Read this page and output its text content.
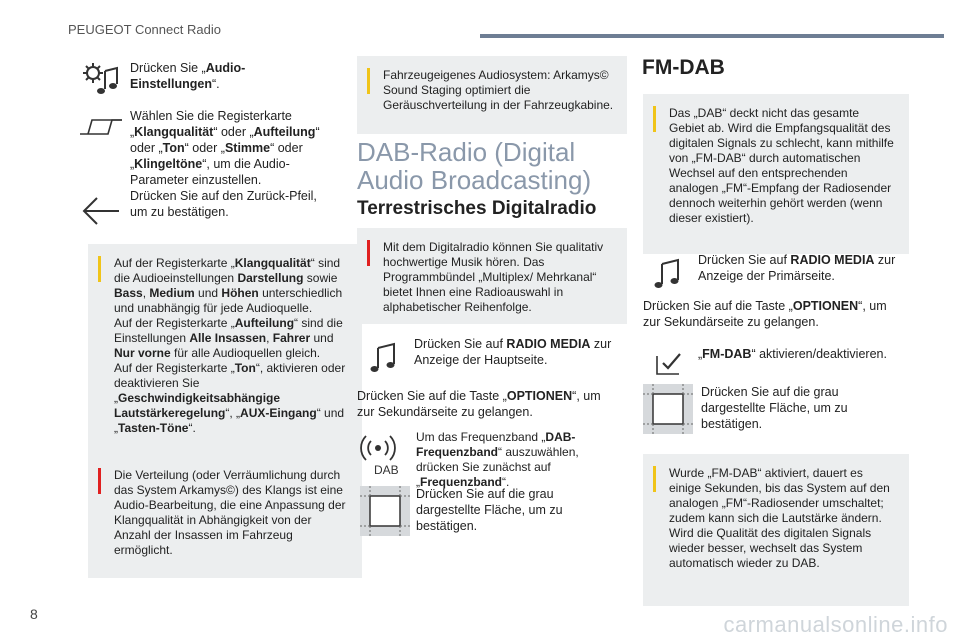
PEUGEOT Connect Radio
Drücken Sie „Audio-Einstellungen“.
Wählen Sie die Registerkarte „Klangqualität“ oder „Aufteilung“ oder „Ton“ oder „Stimme“ oder „Klingeltöne“, um die Audio-Parameter einzustellen.
Drücken Sie auf den Zurück-Pfeil, um zu bestätigen.

Auf der Registerkarte „Klangqualität“ sind die Audioeinstellungen Darstellung sowie Bass, Medium und Höhen unterschiedlich und unabhängig für jede Audioquelle.

Auf der Registerkarte „Aufteilung“ sind die Einstellungen Alle Insassen, Fahrer und Nur vorne für alle Audioquellen gleich.

Auf der Registerkarte „Ton“, aktivieren oder deaktivieren Sie „Geschwindigkeitsabhängige Lautstärkeregelung“, „AUX-Eingang“ und „Tasten-Töne“.

Die Verteilung (oder Verräumlichung durch das System Arkamys©) des Klangs ist eine Audio-Bearbeitung, die eine Anpassung der Klangqualität in Abhängigkeit von der Anzahl der Insassen im Fahrzeug ermöglicht.

Fahrzeugeigenes Audiosystem: Arkamys© Sound Staging optimiert die Geräuschverteilung in der Fahrzeugkabine.

DAB-Radio (Digital Audio Broadcasting)
Terrestrisches Digitalradio

Mit dem Digitalradio können Sie qualitativ hochwertige Musik hören. Das Programmbündel „Multiplex/ Mehrkanal“ bietet Ihnen eine Radioauswahl in alphabetischer Reihenfolge.

Drücken Sie auf RADIO MEDIA zur Anzeige der Hauptseite.
Drücken Sie auf die Taste „OPTIONEN“, um zur Sekundärseite zu gelangen.
DAB
Um das Frequenzband „DAB-Frequenzband“ auszuwählen, drücken Sie zunächst auf „Frequenzband“.
Drücken Sie auf die grau dargestellte Fläche, um zu bestätigen.
FM-DAB

Das „DAB“ deckt nicht das gesamte Gebiet ab. Wird die Empfangsqualität des digitalen Signals zu schlecht, kann mithilfe von „FM-DAB“ durch automatischen Wechsel auf den entsprechenden analogen „FM“-Empfang der Radiosender dennoch weiterhin gehört werden (wenn dieser existiert).

Drücken Sie auf RADIO MEDIA zur Anzeige der Primärseite.
Drücken Sie auf die Taste „OPTIONEN“, um zur Sekundärseite zu gelangen.
„FM-DAB“ aktivieren/deaktivieren.
Drücken Sie auf die grau dargestellte Fläche, um zu bestätigen.

Wurde „FM-DAB“ aktiviert, dauert es einige Sekunden, bis das System auf den analogen „FM“-Radiosender umschaltet; zudem kann sich die Lautstärke ändern. Wird die Qualität des digitalen Signals wieder besser, wechselt das System automatisch wieder zu DAB.

8	carmanualsonline.info
